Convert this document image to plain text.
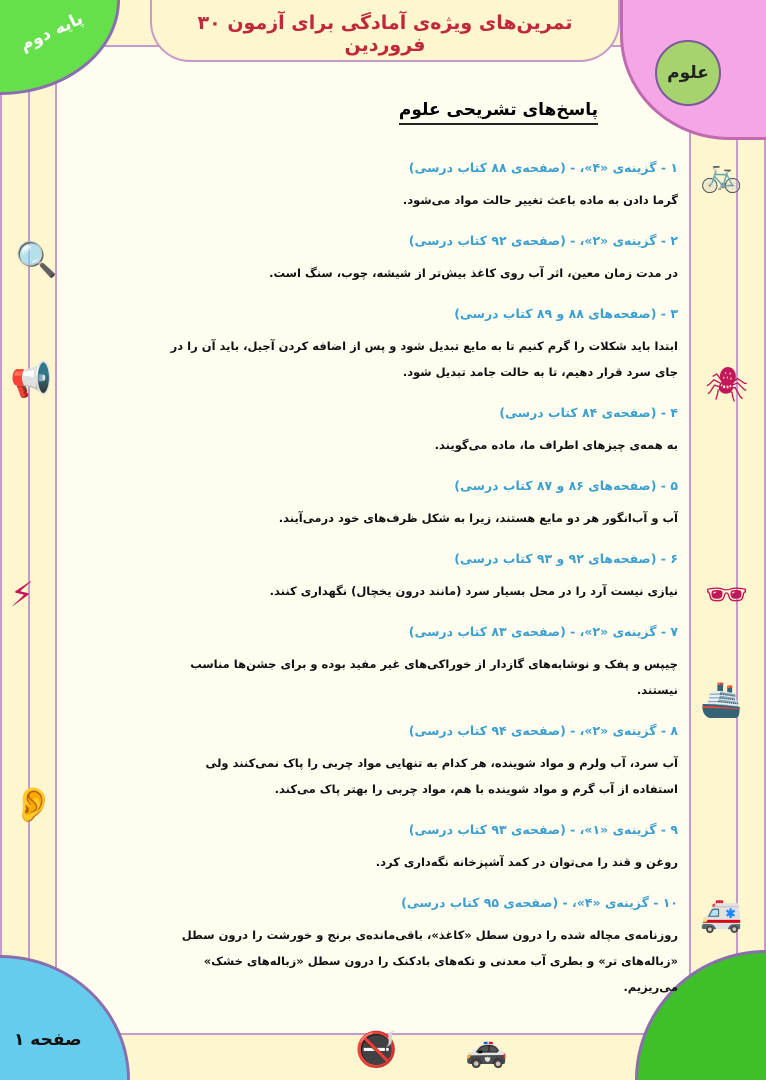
تمرین‌های ویژه‌ی آمادگی برای آزمون ۳۰ فروردین
پایه دوم
علوم
صفحه ۱
🔍
📢
⚡
👂
🚲
🕷
🕶
🚢
🚑
🚭 🚓
پاسخ‌های تشریحی علوم
۱ - گزینه‌ی «۴»، - (صفحه‌ی ۸۸ کتاب درسی)
گرما دادن به ماده باعث تغییر حالت مواد می‌شود.
۲ - گزینه‌ی «۲»، - (صفحه‌ی ۹۲ کتاب درسی)
در مدت زمان معین، اثر آب روی کاغذ بیش‌تر از شیشه، چوب، سنگ است.
۳ - (صفحه‌های ۸۸ و ۸۹ کتاب درسی)
ابتدا باید شکلات را گرم کنیم تا به مایع تبدیل شود و پس از اضافه کردن آجیل، باید آن را در جای سرد قرار دهیم، تا به حالت جامد تبدیل شود.
۴ - (صفحه‌ی ۸۴ کتاب درسی)
به همه‌ی چیزهای اطراف ما، ماده می‌گویند.
۵ - (صفحه‌های ۸۶ و ۸۷ کتاب درسی)
آب و آب‌انگور هر دو مایع هستند، زیرا به شکل ظرف‌های خود درمی‌آیند.
۶ - (صفحه‌های ۹۲ و ۹۳ کتاب درسی)
نیازی نیست آرد را در محل بسیار سرد (مانند درون یخچال) نگهداری کنند.
۷ - گزینه‌ی «۲»، - (صفحه‌ی ۸۳ کتاب درسی)
چیپس و پفک و نوشابه‌های گازدار از خوراکی‌های غیر مفید بوده و برای جشن‌ها مناسب نیستند.
۸ - گزینه‌ی «۲»، - (صفحه‌ی ۹۴ کتاب درسی)
آب سرد، آب ولرم و مواد شوینده، هر کدام به تنهایی مواد چربی را پاک نمی‌کنند ولی استفاده از آب گرم و مواد شوینده با هم، مواد چربی را بهتر پاک می‌کند.
۹ - گزینه‌ی «۱»، - (صفحه‌ی ۹۳ کتاب درسی)
روغن و قند را می‌توان در کمد آشپزخانه نگه‌داری کرد.
۱۰ - گزینه‌ی «۴»، - (صفحه‌ی ۹۵ کتاب درسی)
روزنامه‌ی مچاله شده را درون سطل «کاغذ»، باقی‌مانده‌ی برنج و خورشت را درون سطل «زباله‌های تر» و بطری آب معدنی و تکه‌های بادکنک را درون سطل «زباله‌های خشک» می‌ریزیم.
